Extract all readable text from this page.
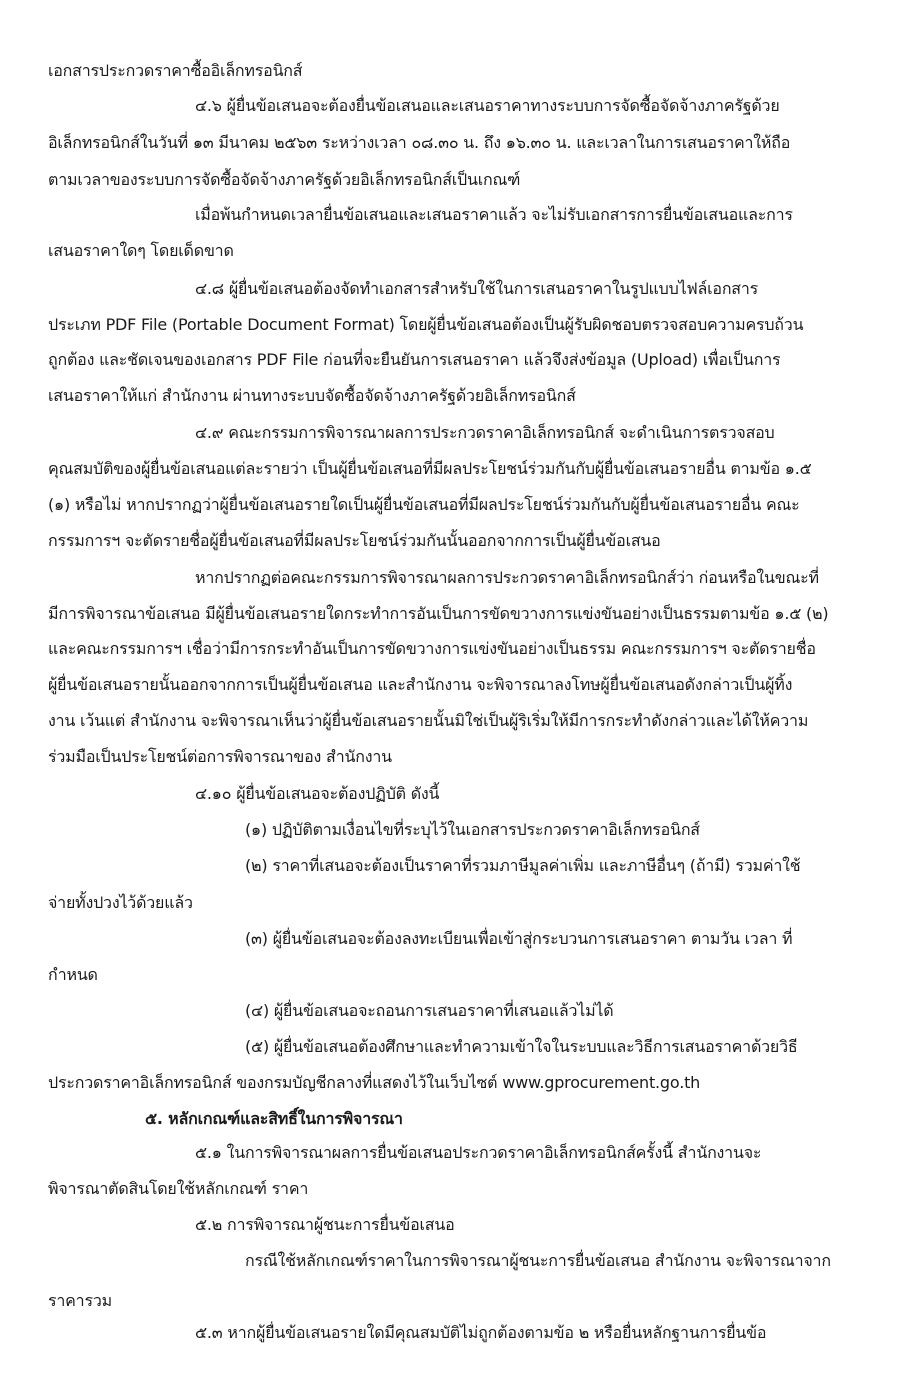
เอกสารประกวดราคาซื้ออิเล็กทรอนิกส์
๔.๖ ผู้ยื่นข้อเสนอจะต้องยื่นข้อเสนอและเสนอราคาทางระบบการจัดซื้อจัดจ้างภาครัฐด้วย
อิเล็กทรอนิกส์ในวันที่ ๑๓ มีนาคม ๒๕๖๓ ระหว่างเวลา ๐๘.๓๐ น. ถึง ๑๖.๓๐ น. และเวลาในการเสนอราคาให้ถือ
ตามเวลาของระบบการจัดซื้อจัดจ้างภาครัฐด้วยอิเล็กทรอนิกส์เป็นเกณฑ์
เมื่อพ้นกำหนดเวลายื่นข้อเสนอและเสนอราคาแล้ว จะไม่รับเอกสารการยื่นข้อเสนอและการ
เสนอราคาใดๆ โดยเด็ดขาด
๔.๘ ผู้ยื่นข้อเสนอต้องจัดทำเอกสารสำหรับใช้ในการเสนอราคาในรูปแบบไฟล์เอกสาร
ประเภท PDF File (Portable Document Format) โดยผู้ยื่นข้อเสนอต้องเป็นผู้รับผิดชอบตรวจสอบความครบถ้วน
ถูกต้อง และชัดเจนของเอกสาร PDF File ก่อนที่จะยืนยันการเสนอราคา แล้วจึงส่งข้อมูล (Upload) เพื่อเป็นการ
เสนอราคาให้แก่ สำนักงาน ผ่านทางระบบจัดซื้อจัดจ้างภาครัฐด้วยอิเล็กทรอนิกส์
๔.๙ คณะกรรมการพิจารณาผลการประกวดราคาอิเล็กทรอนิกส์ จะดำเนินการตรวจสอบ
คุณสมบัติของผู้ยื่นข้อเสนอแต่ละรายว่า เป็นผู้ยื่นข้อเสนอที่มีผลประโยชน์ร่วมกันกับผู้ยื่นข้อเสนอรายอื่น ตามข้อ ๑.๕
(๑) หรือไม่ หากปรากฏว่าผู้ยื่นข้อเสนอรายใดเป็นผู้ยื่นข้อเสนอที่มีผลประโยชน์ร่วมกันกับผู้ยื่นข้อเสนอรายอื่น คณะ
กรรมการฯ จะตัดรายชื่อผู้ยื่นข้อเสนอที่มีผลประโยชน์ร่วมกันนั้นออกจากการเป็นผู้ยื่นข้อเสนอ
หากปรากฏต่อคณะกรรมการพิจารณาผลการประกวดราคาอิเล็กทรอนิกส์ว่า ก่อนหรือในขณะที่
มีการพิจารณาข้อเสนอ มีผู้ยื่นข้อเสนอรายใดกระทำการอันเป็นการขัดขวางการแข่งขันอย่างเป็นธรรมตามข้อ ๑.๕ (๒)
และคณะกรรมการฯ เชื่อว่ามีการกระทำอันเป็นการขัดขวางการแข่งขันอย่างเป็นธรรม คณะกรรมการฯ จะตัดรายชื่อ
ผู้ยื่นข้อเสนอรายนั้นออกจากการเป็นผู้ยื่นข้อเสนอ และสำนักงาน จะพิจารณาลงโทษผู้ยื่นข้อเสนอดังกล่าวเป็นผู้ทิ้ง
งาน เว้นแต่ สำนักงาน จะพิจารณาเห็นว่าผู้ยื่นข้อเสนอรายนั้นมิใช่เป็นผู้ริเริ่มให้มีการกระทำดังกล่าวและได้ให้ความ
ร่วมมือเป็นประโยชน์ต่อการพิจารณาของ สำนักงาน
๔.๑๐ ผู้ยื่นข้อเสนอจะต้องปฏิบัติ ดังนี้
(๑) ปฏิบัติตามเงื่อนไขที่ระบุไว้ในเอกสารประกวดราคาอิเล็กทรอนิกส์
(๒) ราคาที่เสนอจะต้องเป็นราคาที่รวมภาษีมูลค่าเพิ่ม และภาษีอื่นๆ (ถ้ามี) รวมค่าใช้
จ่ายทั้งปวงไว้ด้วยแล้ว
(๓) ผู้ยื่นข้อเสนอจะต้องลงทะเบียนเพื่อเข้าสู่กระบวนการเสนอราคา ตามวัน เวลา ที่
กำหนด
(๔) ผู้ยื่นข้อเสนอจะถอนการเสนอราคาที่เสนอแล้วไม่ได้
(๕) ผู้ยื่นข้อเสนอต้องศึกษาและทำความเข้าใจในระบบและวิธีการเสนอราคาด้วยวิธี
ประกวดราคาอิเล็กทรอนิกส์ ของกรมบัญชีกลางที่แสดงไว้ในเว็บไซต์ www.gprocurement.go.th
๕. หลักเกณฑ์และสิทธิ์ในการพิจารณา
๕.๑ ในการพิจารณาผลการยื่นข้อเสนอประกวดราคาอิเล็กทรอนิกส์ครั้งนี้ สำนักงานจะ
พิจารณาตัดสินโดยใช้หลักเกณฑ์ ราคา
๕.๒ การพิจารณาผู้ชนะการยื่นข้อเสนอ
กรณีใช้หลักเกณฑ์ราคาในการพิจารณาผู้ชนะการยื่นข้อเสนอ สำนักงาน จะพิจารณาจาก
ราคารวม
๕.๓ หากผู้ยื่นข้อเสนอรายใดมีคุณสมบัติไม่ถูกต้องตามข้อ ๒ หรือยื่นหลักฐานการยื่นข้อ
